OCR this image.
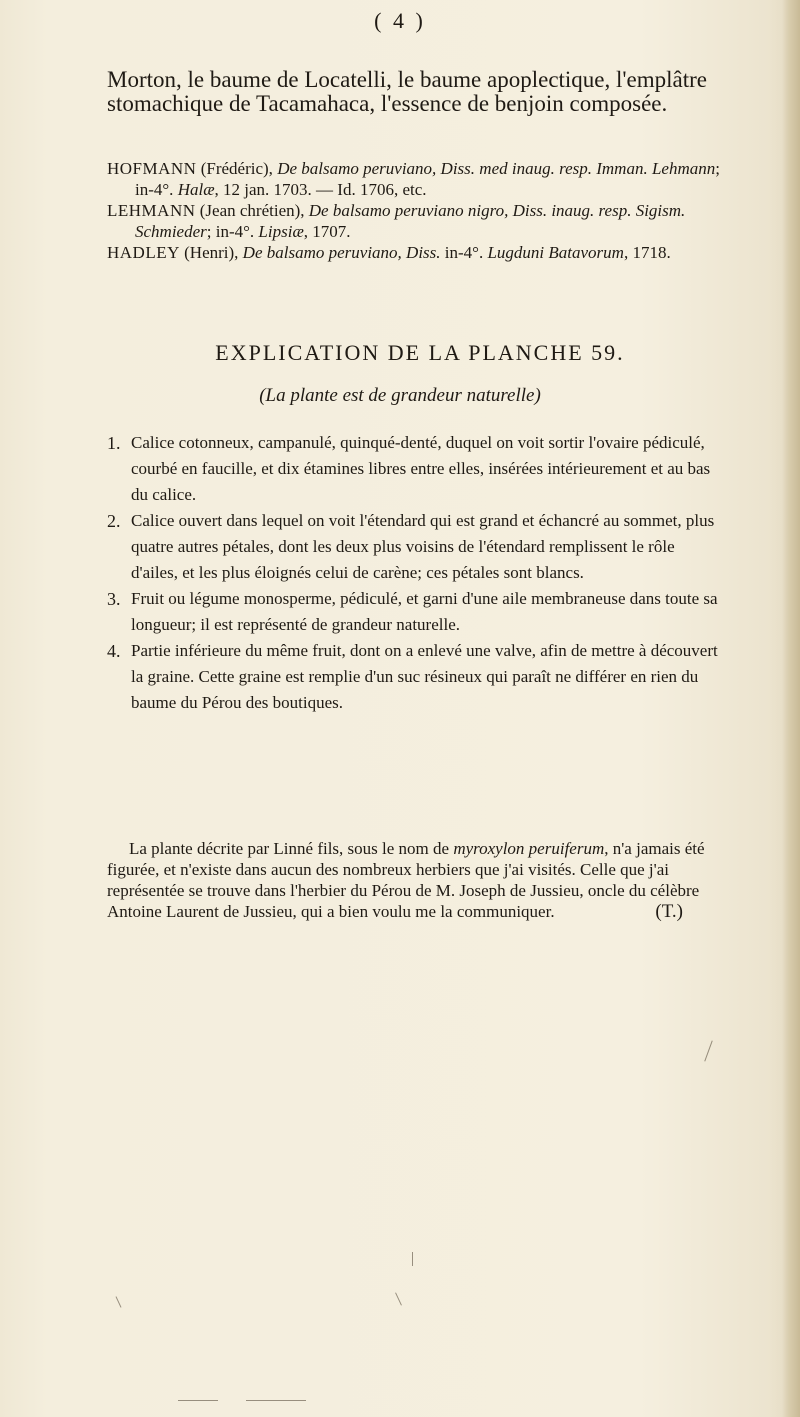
( 4 )

Morton, le baume de Locatelli, le baume apoplectique, l'emplâtre stomachique de Tacamahaca, l'essence de benjoin composée.

HOFMANN (Frédéric), De balsamo peruviano, Diss. med inaug. resp. Imman. Lehmann; in-4°. Halæ, 12 jan. 1703. — Id. 1706, etc.

LEHMANN (Jean chrétien), De balsamo peruviano nigro, Diss. inaug. resp. Sigism. Schmieder; in-4°. Lipsiæ, 1707.

HADLEY (Henri), De balsamo peruviano, Diss. in-4°. Lugduni Batavorum, 1718.

EXPLICATION DE LA PLANCHE 59.
(La plante est de grandeur naturelle)

1. Calice cotonneux, campanulé, quinqué-denté, duquel on voit sortir l'ovaire pédiculé, courbé en faucille, et dix étamines libres entre elles, insérées intérieurement et au bas du calice.

2. Calice ouvert dans lequel on voit l'étendard qui est grand et échancré au sommet, plus quatre autres pétales, dont les deux plus voisins de l'étendard remplissent le rôle d'ailes, et les plus éloignés celui de carène; ces pétales sont blancs.

3. Fruit ou légume monosperme, pédiculé, et garni d'une aile membraneuse dans toute sa longueur; il est représenté de grandeur naturelle.

4. Partie inférieure du même fruit, dont on a enlevé une valve, afin de mettre à découvert la graine. Cette graine est remplie d'un suc résineux qui paraît ne différer en rien du baume du Pérou des boutiques.

La plante décrite par Linné fils, sous le nom de myroxylon peruiferum, n'a jamais été figurée, et n'existe dans aucun des nombreux herbiers que j'ai visités. Celle que j'ai représentée se trouve dans l'herbier du Pérou de M. Joseph de Jussieu, oncle du célèbre Antoine Laurent de Jussieu, qui a bien voulu me la communiquer.	(T.)
